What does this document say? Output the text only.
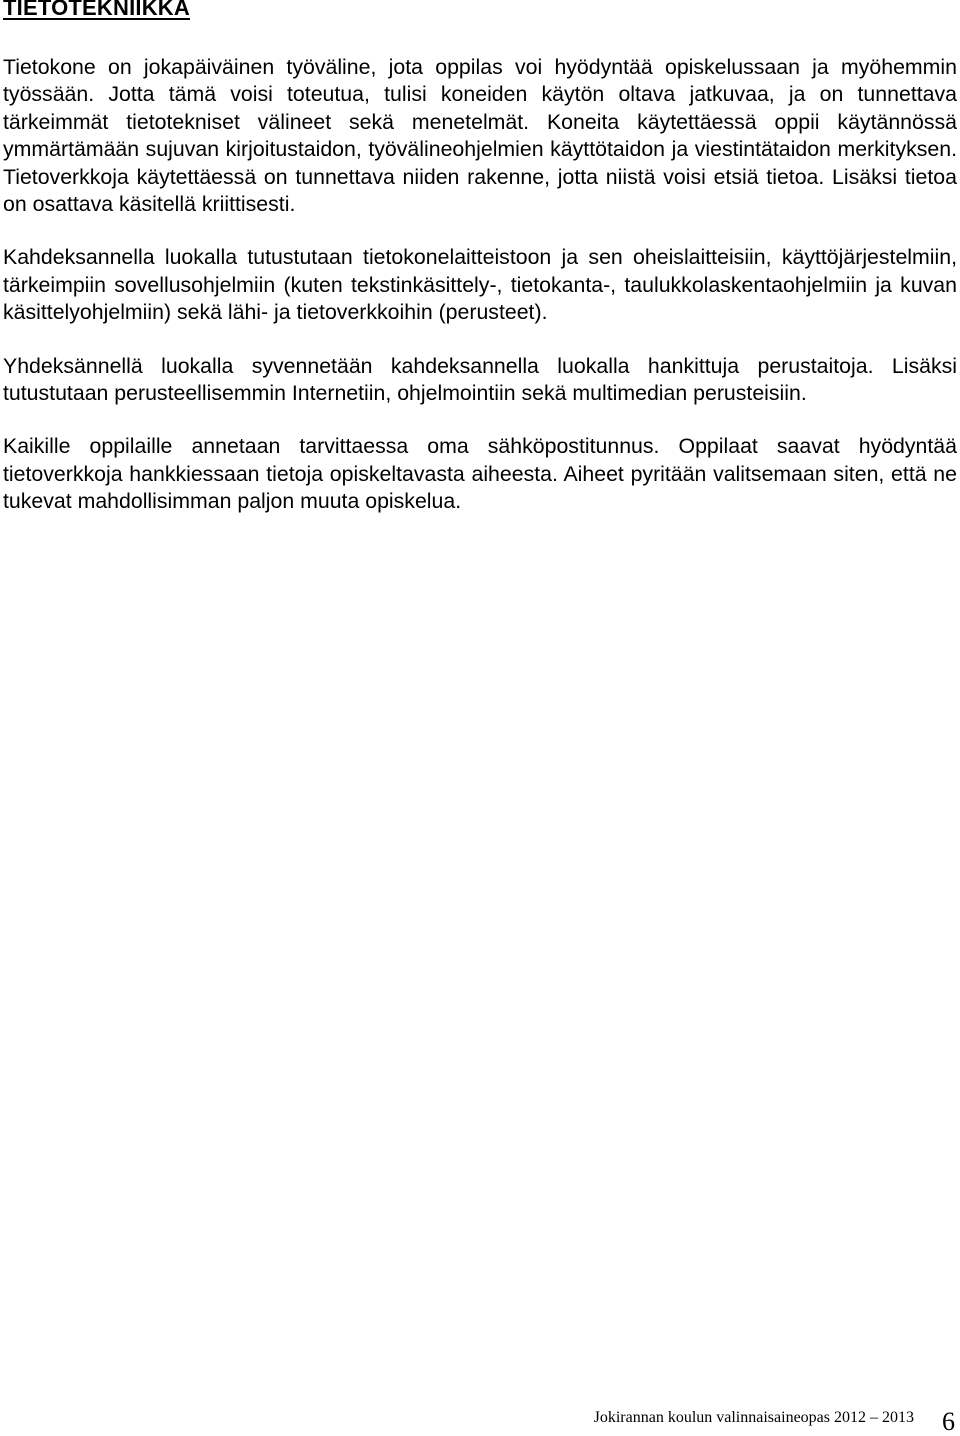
TIETOTEKNIIKKA

Tietokone on jokapäiväinen työväline, jota oppilas voi hyödyntää opiskelussaan ja myöhemmin työssään. Jotta tämä voisi toteutua, tulisi koneiden käytön oltava jatkuvaa, ja on tunnettava tärkeimmät tietotekniset välineet sekä menetelmät. Koneita käytettäessä oppii käytännössä ymmärtämään sujuvan kirjoitustaidon, työvälineohjelmien käyttötaidon ja viestintätaidon merkityksen. Tietoverkkoja käytettäessä on tunnettava niiden rakenne, jotta niistä voisi etsiä tietoa. Lisäksi tietoa on osattava käsitellä kriittisesti.

Kahdeksannella luokalla tutustutaan tietokonelaitteistoon ja sen oheislaitteisiin, käyttöjärjestelmiin, tärkeimpiin sovellusohjelmiin (kuten tekstinkäsittely-, tietokanta-, taulukkolaskentaohjelmiin ja kuvan käsittelyohjelmiin) sekä lähi- ja tietoverkkoihin (perusteet).

Yhdeksännellä luokalla syvennetään kahdeksannella luokalla hankittuja perustaitoja. Lisäksi tutustutaan perusteellisemmin Internetiin, ohjelmointiin sekä multimedian perusteisiin.

Kaikille oppilaille annetaan tarvittaessa oma sähköpostitunnus. Oppilaat saavat hyödyntää tietoverkkoja hankkiessaan tietoja opiskeltavasta aiheesta. Aiheet pyritään valitsemaan siten, että ne tukevat mahdollisimman paljon muuta opiskelua.

Jokirannan koulun valinnaisaineopas 2012 – 2013 6
